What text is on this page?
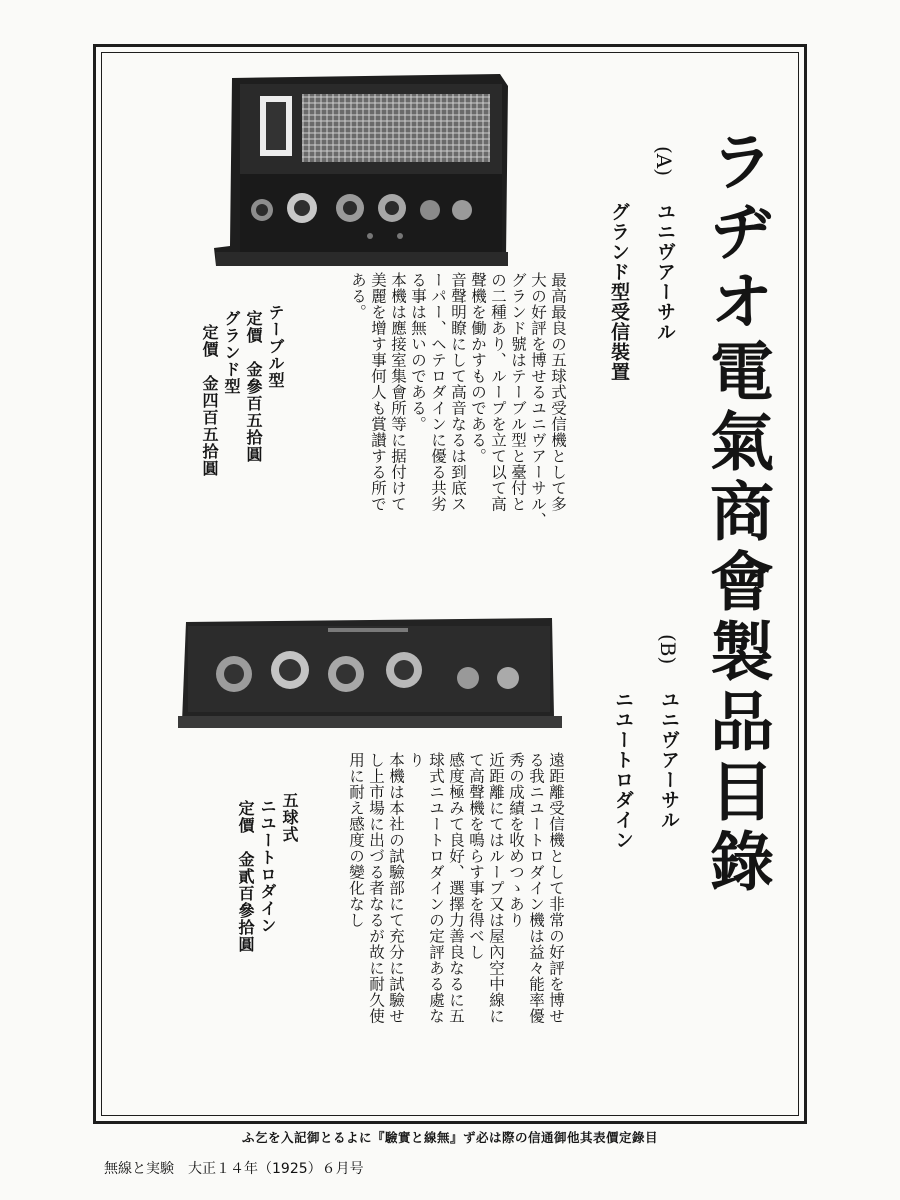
ラヂオ電氣商會製品目錄
(A)
ユニヴアーサル
グランド型受信裝置
最高最良の五球式受信機として多
大の好評を博せるユニヴアーサル、
グランド號はテーブル型と臺付と
の二種あり、ループを立て以て高
聲機を働かすものである。
音聲明瞭にして高音なるは到底ス
ーパー、ヘテロダインに優る共劣
る事は無いのである。
本機は應接室集會所等に据付けて
美麗を增す事何人も賞讃する所で
ある。
テーブル型
定價　金參百五拾圓
グランド型
定價　金四百五拾圓
(B)
ユニヴアーサル
ニユートロダイン
遠距離受信機として非常の好評を博せ
る我ニユートロダイン機は益々能率優
秀の成績を收めつゝあり
近距離にてはループ又は屋內空中線に
て高聲機を鳴らす事を得べし
感度極みて良好、選擇力善良なるに五
球式ニユートロダインの定評ある處な
り
本機は本社の試驗部にて充分に試驗せ
し上市場に出づる者なるが故に耐久使
用に耐え感度の變化なし
五球式
ニユートロダイン
定價　金貳百參拾圓
ふ乞を入記御とるよに『驗實と線無』ず必は際の信通御他其表價定錄目
無線と実験　大正１４年（1925）６月号
